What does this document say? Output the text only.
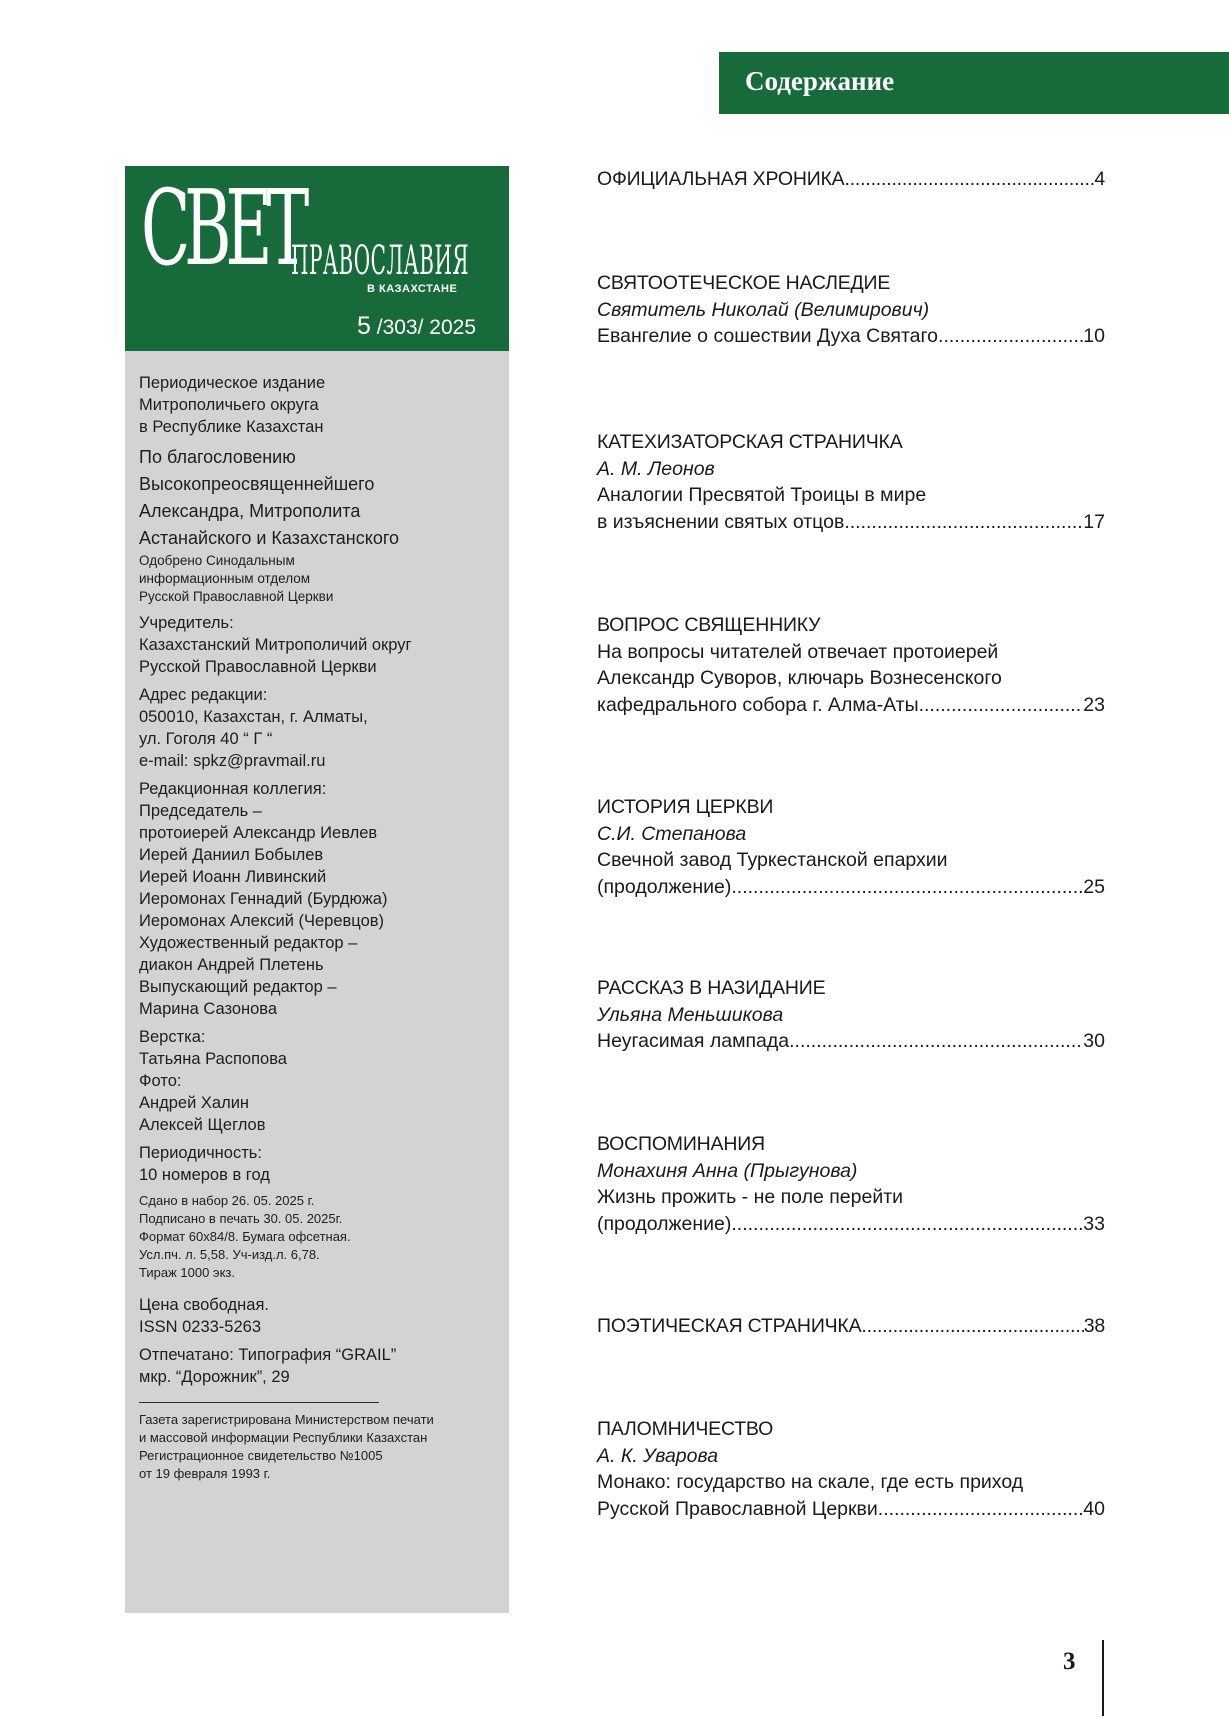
Содержание
СВЕТ
ПРАВОСЛАВИЯ
В КАЗАХСТАНЕ
5 /303/ 2025

Периодическое издание
Митрополичьего округа
в Республике Казахстан

По благословению
Высокопреосвященнейшего
Александра, Митрополита
Астанайского и Казахстанского

Одобрено Синодальным
информационным отделом
Русской Православной Церкви

Учредитель:
Казахстанский Митрополичий округ
Русской Православной Церкви

Адрес редакции:
050010, Казахстан, г. Алматы,
ул. Гоголя 40 “ Г “
e-mail: spkz@pravmail.ru

Редакционная коллегия:
Председатель –
протоиерей Александр Иевлев
Иерей Даниил Бобылев
Иерей Иоанн Ливинский
Иеромонах Геннадий (Бурдюжа)
Иеромонах Алексий (Черевцов)
Художественный редактор –
диакон Андрей Плетень
Выпускающий редактор –
Марина Сазонова

Верстка:
Татьяна Распопова

Фото:
Андрей Халин
Алексей Щеглов

Периодичность:
10 номеров в год

Сдано в набор 26. 05. 2025 г.
Подписано в печать 30. 05. 2025г.
Формат 60х84/8. Бумага офсетная.
Усл.пч. л. 5,58. Уч-изд.л. 6,78.
Тираж 1000 экз.

Цена свободная.
ISSN 0233-5263

Отпечатано: Типография “GRAIL”
мкр. “Дорожник”, 29

Газета зарегистрирована Министерством печати
и массовой информации Республики Казахстан
Регистрационное свидетельство №1005
от 19 февраля 1993 г.

ОФИЦИАЛЬНАЯ ХРОНИКА .....	4
СВЯТООТЕЧЕСКОЕ НАСЛЕДИЕ
Святитель Николай (Велимирович)
Евангелие о сошествии Духа Святаго .....	10
КАТЕХИЗАТОРСКАЯ СТРАНИЧКА
А. М. Леонов
Аналогии Пресвятой Троицы в мире
в изъяснении святых отцов .....	17
ВОПРОС СВЯЩЕННИКУ
На вопросы читателей отвечает протоиерей
Александр Суворов, ключарь Вознесенского
кафедрального собора г. Алма-Аты .....	23
ИСТОРИЯ ЦЕРКВИ
С.И. Степанова
Свечной завод Туркестанской епархии
(продолжение) .....	25
РАССКАЗ В НАЗИДАНИЕ
Ульяна Меньшикова
Неугасимая лампада .....	30
ВОСПОМИНАНИЯ
Монахиня Анна (Прыгунова)
Жизнь прожить - не поле перейти
(продолжение) .....	33
ПОЭТИЧЕСКАЯ СТРАНИЧКА .....	38
ПАЛОМНИЧЕСТВО
А. К. Уварова
Монако: государство на скале, где есть приход
Русской Православной Церкви .....	40
3
